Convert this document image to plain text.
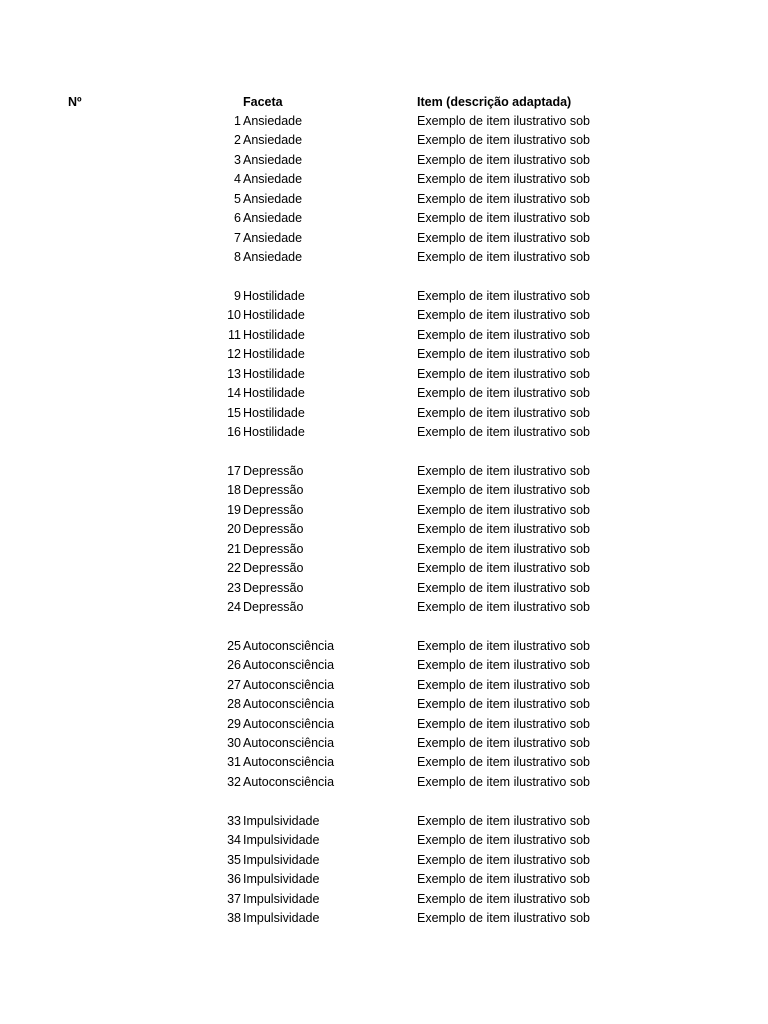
Nº	Faceta	Item (descrição adaptada)
1 Ansiedade	Exemplo de item ilustrativo sob
2 Ansiedade	Exemplo de item ilustrativo sob
3 Ansiedade	Exemplo de item ilustrativo sob
4 Ansiedade	Exemplo de item ilustrativo sob
5 Ansiedade	Exemplo de item ilustrativo sob
6 Ansiedade	Exemplo de item ilustrativo sob
7 Ansiedade	Exemplo de item ilustrativo sob
8 Ansiedade	Exemplo de item ilustrativo sob
9 Hostilidade	Exemplo de item ilustrativo sob
10 Hostilidade	Exemplo de item ilustrativo sob
11 Hostilidade	Exemplo de item ilustrativo sob
12 Hostilidade	Exemplo de item ilustrativo sob
13 Hostilidade	Exemplo de item ilustrativo sob
14 Hostilidade	Exemplo de item ilustrativo sob
15 Hostilidade	Exemplo de item ilustrativo sob
16 Hostilidade	Exemplo de item ilustrativo sob
17 Depressão	Exemplo de item ilustrativo sob
18 Depressão	Exemplo de item ilustrativo sob
19 Depressão	Exemplo de item ilustrativo sob
20 Depressão	Exemplo de item ilustrativo sob
21 Depressão	Exemplo de item ilustrativo sob
22 Depressão	Exemplo de item ilustrativo sob
23 Depressão	Exemplo de item ilustrativo sob
24 Depressão	Exemplo de item ilustrativo sob
25 Autoconsciência	Exemplo de item ilustrativo sob
26 Autoconsciência	Exemplo de item ilustrativo sob
27 Autoconsciência	Exemplo de item ilustrativo sob
28 Autoconsciência	Exemplo de item ilustrativo sob
29 Autoconsciência	Exemplo de item ilustrativo sob
30 Autoconsciência	Exemplo de item ilustrativo sob
31 Autoconsciência	Exemplo de item ilustrativo sob
32 Autoconsciência	Exemplo de item ilustrativo sob
33 Impulsividade	Exemplo de item ilustrativo sob
34 Impulsividade	Exemplo de item ilustrativo sob
35 Impulsividade	Exemplo de item ilustrativo sob
36 Impulsividade	Exemplo de item ilustrativo sob
37 Impulsividade	Exemplo de item ilustrativo sob
38 Impulsividade	Exemplo de item ilustrativo sob
